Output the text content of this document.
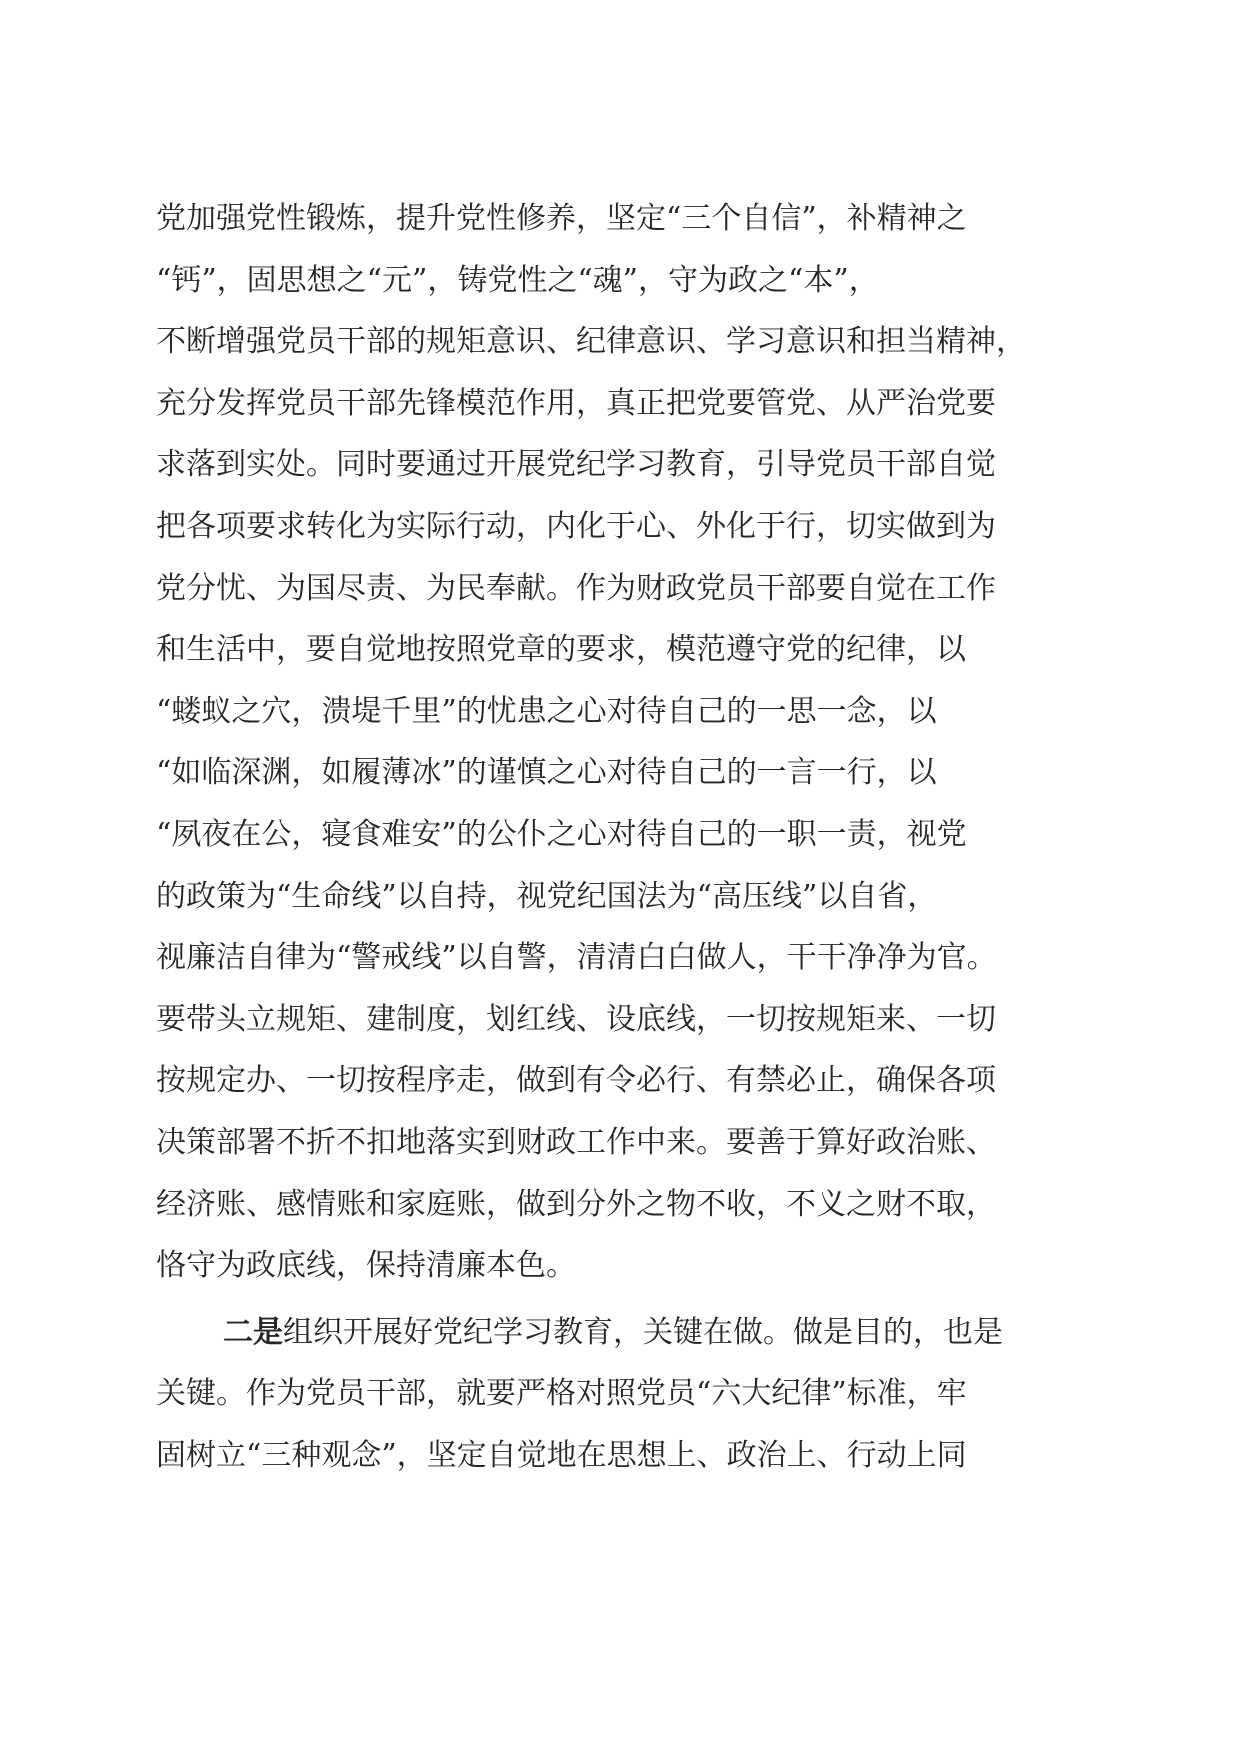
党加强党性锻炼，提升党性修养，坚定“三个自信”，补精神之
“钙”，固思想之“元”，铸党性之“魂”，守为政之“本”，
不断增强党员干部的规矩意识、纪律意识、学习意识和担当精神，
充分发挥党员干部先锋模范作用，真正把党要管党、从严治党要
求落到实处。同时要通过开展党纪学习教育，引导党员干部自觉
把各项要求转化为实际行动，内化于心、外化于行，切实做到为
党分忧、为国尽责、为民奉献。作为财政党员干部要自觉在工作
和生活中，要自觉地按照党章的要求，模范遵守党的纪律，以
“蝼蚁之穴，溃堤千里”的忧患之心对待自己的一思一念，以
“如临深渊，如履薄冰”的谨慎之心对待自己的一言一行，以
“夙夜在公，寝食难安”的公仆之心对待自己的一职一责，视党
的政策为“生命线”以自持，视党纪国法为“高压线”以自省，
视廉洁自律为“警戒线”以自警，清清白白做人，干干净净为官。
要带头立规矩、建制度，划红线、设底线，一切按规矩来、一切
按规定办、一切按程序走，做到有令必行、有禁必止，确保各项
决策部署不折不扣地落实到财政工作中来。要善于算好政治账、
经济账、感情账和家庭账，做到分外之物不收，不义之财不取，
恪守为政底线，保持清廉本色。
二是组织开展好党纪学习教育，关键在做。做是目的，也是
关键。作为党员干部，就要严格对照党员“六大纪律”标准，牢
固树立“三种观念”，坚定自觉地在思想上、政治上、行动上同
